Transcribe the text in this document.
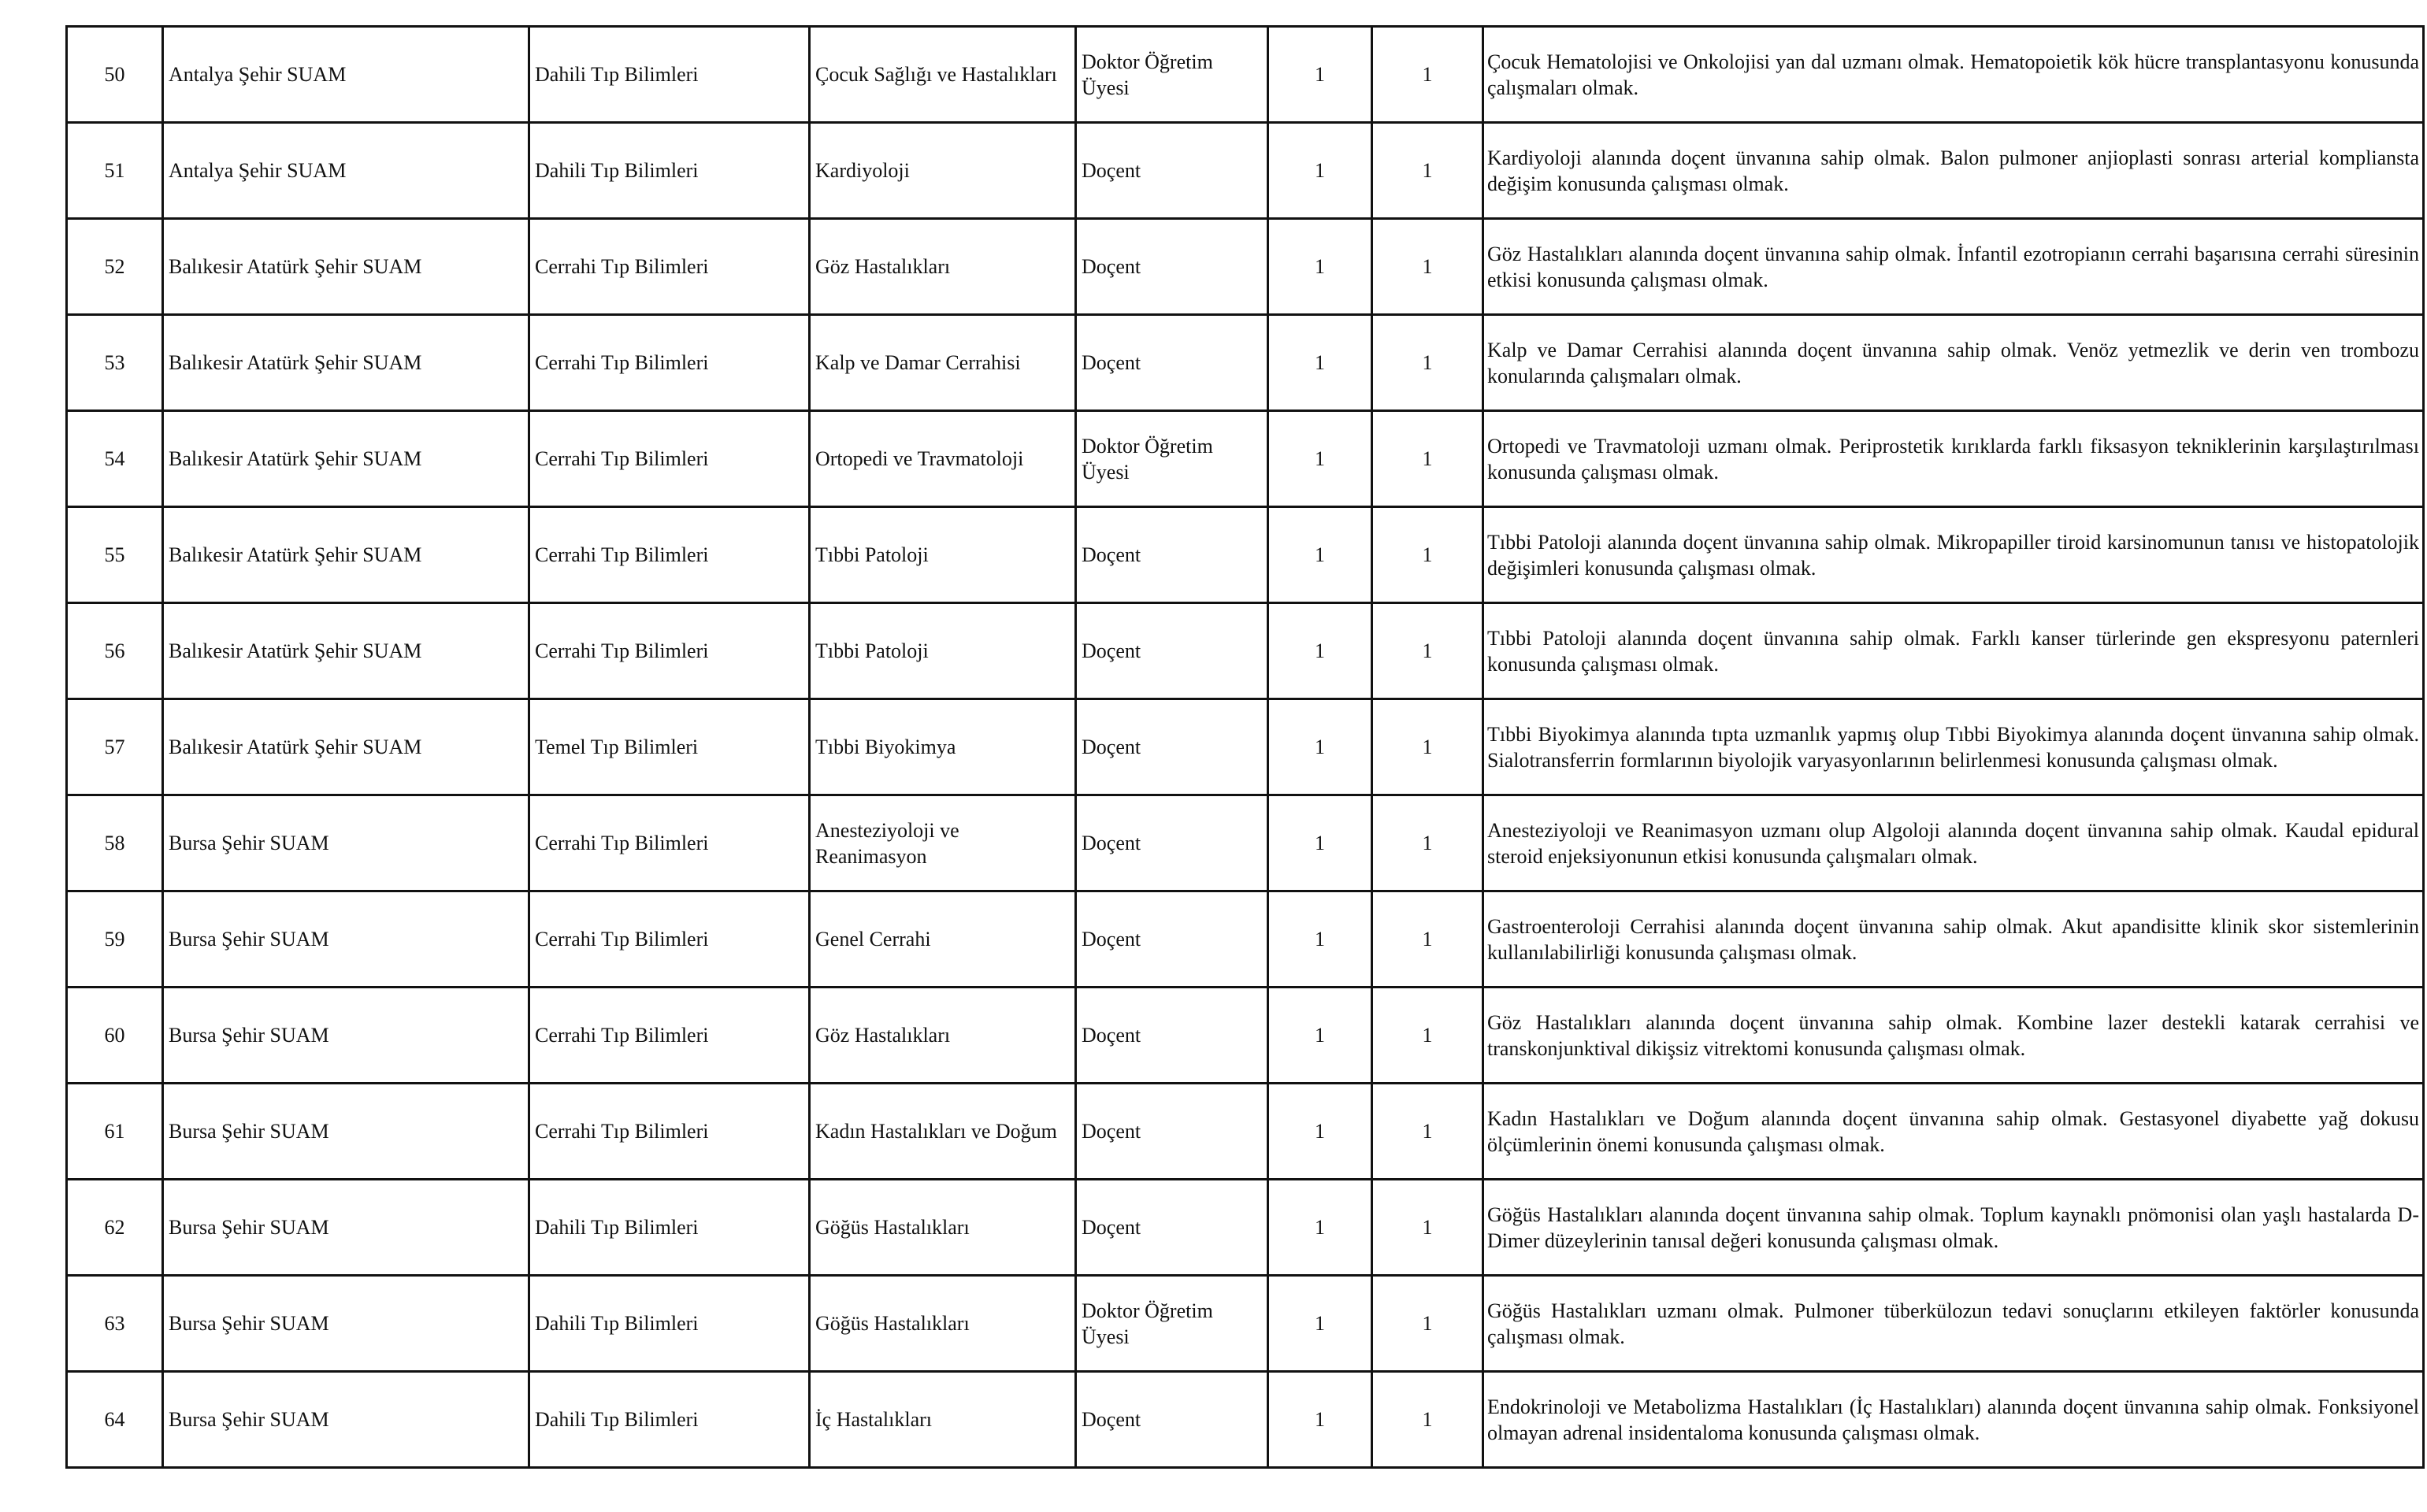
50	Antalya Şehir SUAM	Dahili Tıp Bilimleri	Çocuk Sağlığı ve Hastalıkları	Doktor Öğretim Üyesi	1	1	Çocuk Hematolojisi ve Onkolojisi yan dal uzmanı olmak. Hematopoietik kök hücre transplantasyonu konusunda çalışmaları olmak.
51	Antalya Şehir SUAM	Dahili Tıp Bilimleri	Kardiyoloji	Doçent	1	1	Kardiyoloji alanında doçent ünvanına sahip olmak. Balon pulmoner anjioplasti sonrası arterial kompliansta değişim konusunda çalışması olmak.
52	Balıkesir Atatürk Şehir SUAM	Cerrahi Tıp Bilimleri	Göz Hastalıkları	Doçent	1	1	Göz Hastalıkları alanında doçent ünvanına sahip olmak. İnfantil ezotropianın cerrahi başarısına cerrahi süresinin etkisi konusunda çalışması olmak.
53	Balıkesir Atatürk Şehir SUAM	Cerrahi Tıp Bilimleri	Kalp ve Damar Cerrahisi	Doçent	1	1	Kalp ve Damar Cerrahisi alanında doçent ünvanına sahip olmak. Venöz yetmezlik ve derin ven trombozu konularında çalışmaları olmak.
54	Balıkesir Atatürk Şehir SUAM	Cerrahi Tıp Bilimleri	Ortopedi ve Travmatoloji	Doktor Öğretim Üyesi	1	1	Ortopedi ve Travmatoloji uzmanı olmak. Periprostetik kırıklarda farklı fiksasyon tekniklerinin karşılaştırılması konusunda çalışması olmak.
55	Balıkesir Atatürk Şehir SUAM	Cerrahi Tıp Bilimleri	Tıbbi Patoloji	Doçent	1	1	Tıbbi Patoloji alanında doçent ünvanına sahip olmak. Mikropapiller tiroid karsinomunun tanısı ve histopatolojik değişimleri konusunda çalışması olmak.
56	Balıkesir Atatürk Şehir SUAM	Cerrahi Tıp Bilimleri	Tıbbi Patoloji	Doçent	1	1	Tıbbi Patoloji alanında doçent ünvanına sahip olmak. Farklı kanser türlerinde gen ekspresyonu paternleri konusunda çalışması olmak.
57	Balıkesir Atatürk Şehir SUAM	Temel Tıp Bilimleri	Tıbbi Biyokimya	Doçent	1	1	Tıbbi Biyokimya alanında tıpta uzmanlık yapmış olup Tıbbi Biyokimya alanında doçent ünvanına sahip olmak. Sialotransferrin formlarının biyolojik varyasyonlarının belirlenmesi konusunda çalışması olmak.
58	Bursa Şehir SUAM	Cerrahi Tıp Bilimleri	Anesteziyoloji ve Reanimasyon	Doçent	1	1	Anesteziyoloji ve Reanimasyon uzmanı olup Algoloji alanında doçent ünvanına sahip olmak. Kaudal epidural steroid enjeksiyonunun etkisi konusunda çalışmaları olmak.
59	Bursa Şehir SUAM	Cerrahi Tıp Bilimleri	Genel Cerrahi	Doçent	1	1	Gastroenteroloji Cerrahisi alanında doçent ünvanına sahip olmak. Akut apandisitte klinik skor sistemlerinin kullanılabilirliği konusunda çalışması olmak.
60	Bursa Şehir SUAM	Cerrahi Tıp Bilimleri	Göz Hastalıkları	Doçent	1	1	Göz Hastalıkları alanında doçent ünvanına sahip olmak. Kombine lazer destekli katarak cerrahisi ve transkonjunktival dikişsiz vitrektomi konusunda çalışması olmak.
61	Bursa Şehir SUAM	Cerrahi Tıp Bilimleri	Kadın Hastalıkları ve Doğum	Doçent	1	1	Kadın Hastalıkları ve Doğum alanında doçent ünvanına sahip olmak. Gestasyonel diyabette yağ dokusu ölçümlerinin önemi konusunda çalışması olmak.
62	Bursa Şehir SUAM	Dahili Tıp Bilimleri	Göğüs Hastalıkları	Doçent	1	1	Göğüs Hastalıkları alanında doçent ünvanına sahip olmak. Toplum kaynaklı pnömonisi olan yaşlı hastalarda D-Dimer düzeylerinin tanısal değeri konusunda çalışması olmak.
63	Bursa Şehir SUAM	Dahili Tıp Bilimleri	Göğüs Hastalıkları	Doktor Öğretim Üyesi	1	1	Göğüs Hastalıkları uzmanı olmak. Pulmoner tüberkülozun tedavi sonuçlarını etkileyen faktörler konusunda çalışması olmak.
64	Bursa Şehir SUAM	Dahili Tıp Bilimleri	İç Hastalıkları	Doçent	1	1	Endokrinoloji ve Metabolizma Hastalıkları (İç Hastalıkları) alanında doçent ünvanına sahip olmak. Fonksiyonel olmayan adrenal insidentaloma konusunda çalışması olmak.
